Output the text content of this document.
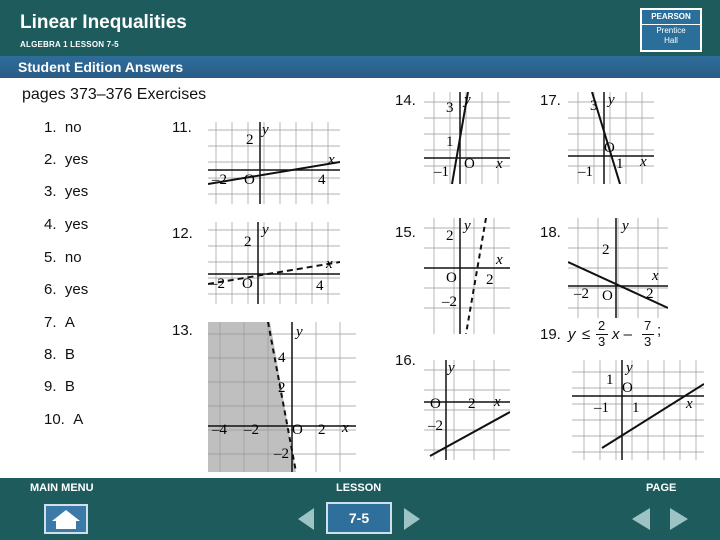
Linear Inequalities
ALGEBRA 1 LESSON 7-5
PEARSON
Prentice
Hall
Student Edition Answers
pages 373–376 Exercises
1. no
2. yes
3. yes
4. yes
5. no
6. yes
7. A
8. B
9. B
10. A
11.
12.
13.
14.
15.
16.
17.
18.
19. y ≤
2
3 x –
7
3
;
y
x
2
–2 O	4
y
x
2
–2 O	4
y
x
4
2
–4 –2 O 2
–2
y
x
3
1
–1 O
y
x
2
O 2
–2
y
x
O 2
–2
y
x
3
O
–1 1
y
x
2
–2 O 2
y
x
1 O
–1 1
MAIN MENU	LESSON	PAGE
7-5
